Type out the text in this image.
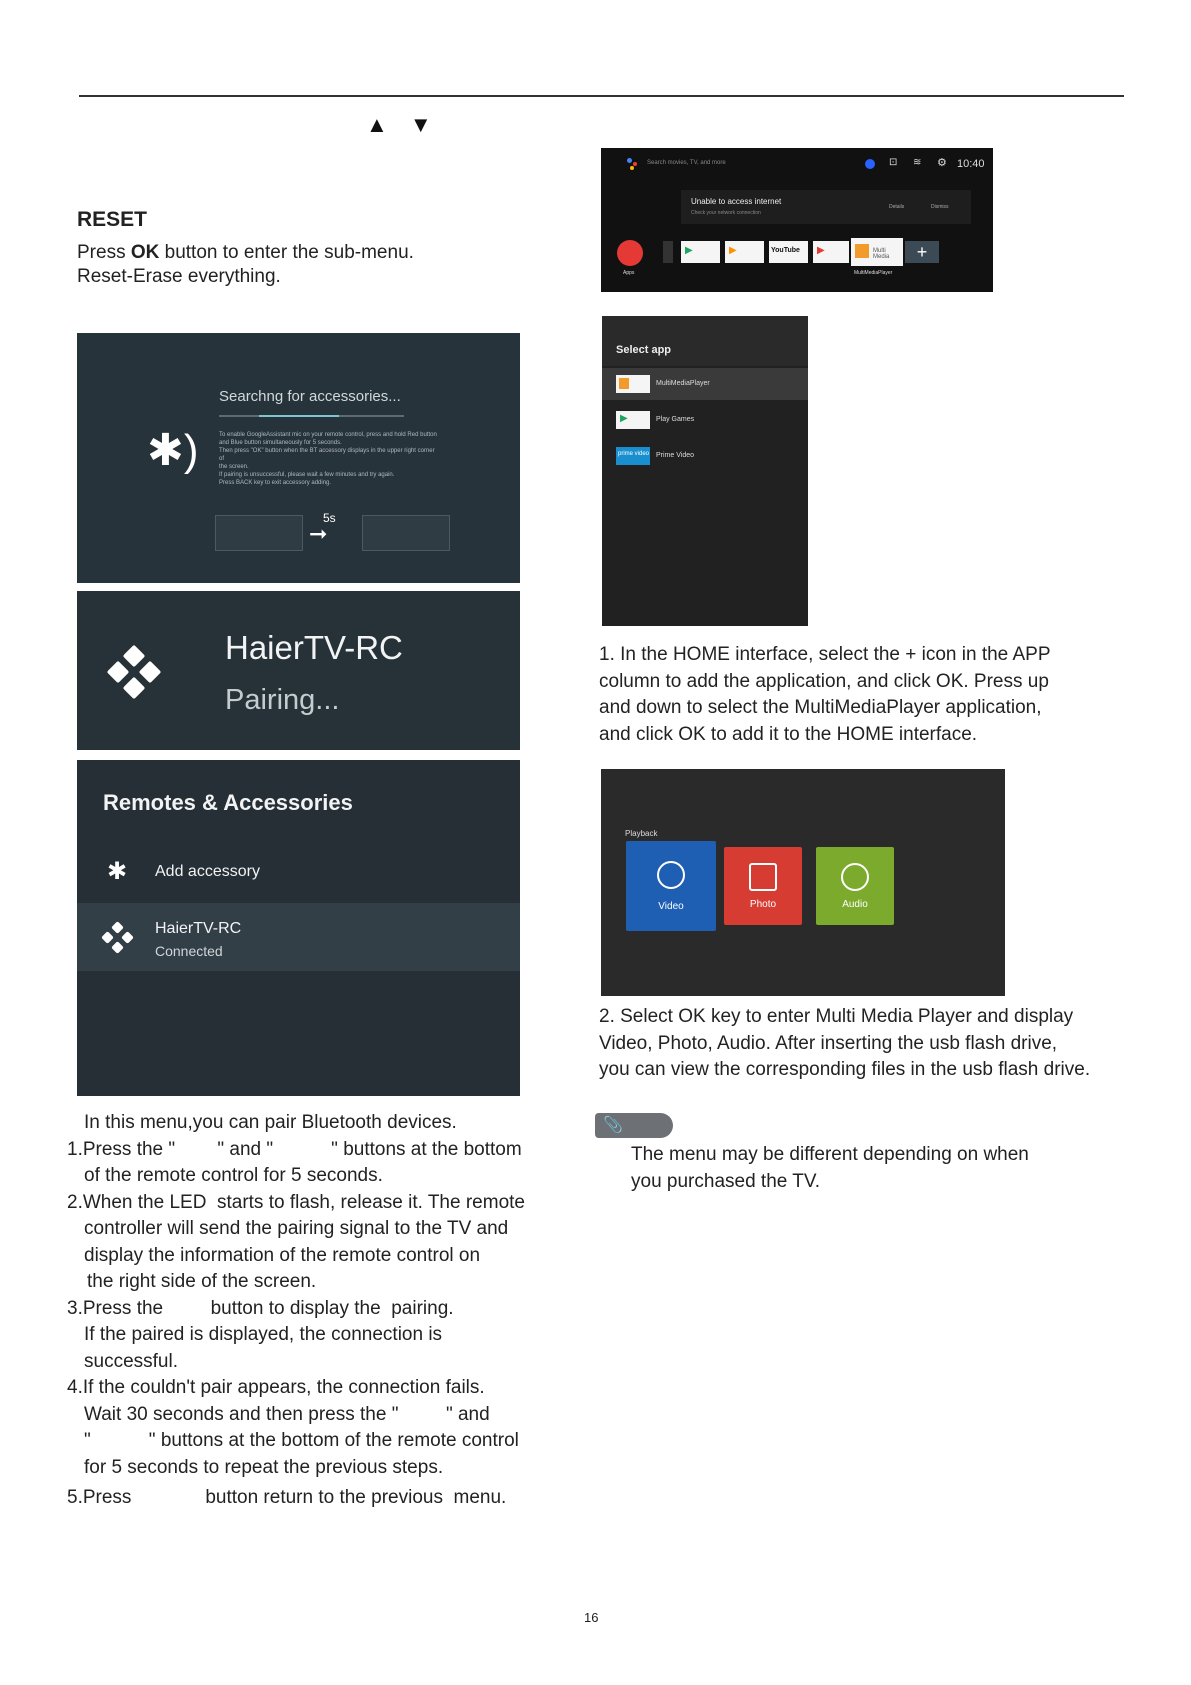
▲ ▼
RESET
Press OK button to enter the sub-menu.
Reset-Erase everything.
✱)
Searchng for accessories...
To enable GoogleAssistant mic on your remote control, press and hold Red button
and Blue button simultaneously for 5 seconds.
Then press "OK" button when the BT accessory displays in the upper right corner of
the screen.
If pairing is unsuccessful, please wait a few minutes and try again.
Press BACK key to exit accessory adding.
5s
➞
HaierTV-RC
Pairing...
Remotes & Accessories
✱ Add accessory
HaierTV-RC
Connected
In this menu,you can pair Bluetooth devices.
1.Press the "        " and "           " buttons at the bottom
of the remote control for 5 seconds.
2.When the LED  starts to flash, release it. The remote
controller will send the pairing signal to the TV and
display the information of the remote control on
the right side of the screen.
3.Press the         button to display the  pairing.
If the paired is displayed, the connection is
successful.
4.If the couldn't pair appears, the connection fails.
Wait 30 seconds and then press the "         " and
"           " buttons at the bottom of the remote control
for 5 seconds to repeat the previous steps.
5.Press              button return to the previous  menu.
Search movies, TV, and more	⊡ ≋ ⚙ 10:40
Unable to access internet
Check your network connection
Details	Dismiss
Apps
▶	▶	YouTube ▶	Multi Media
MultiMediaPlayer
+
Select app
MultiMediaPlayer
▶	Play Games
prime video Prime Video
1. In the HOME interface, select the + icon in the APP
column to add the application, and click OK. Press up
and down to select the MultiMediaPlayer application,
and click OK to add it to the HOME interface.
Playback
Video	Photo	Audio
2. Select OK key to enter Multi Media Player and display
Video, Photo, Audio. After inserting the usb flash drive,
you can view the corresponding files in the usb flash drive.
📎
The menu may be different depending on when
you purchased the TV.
16
